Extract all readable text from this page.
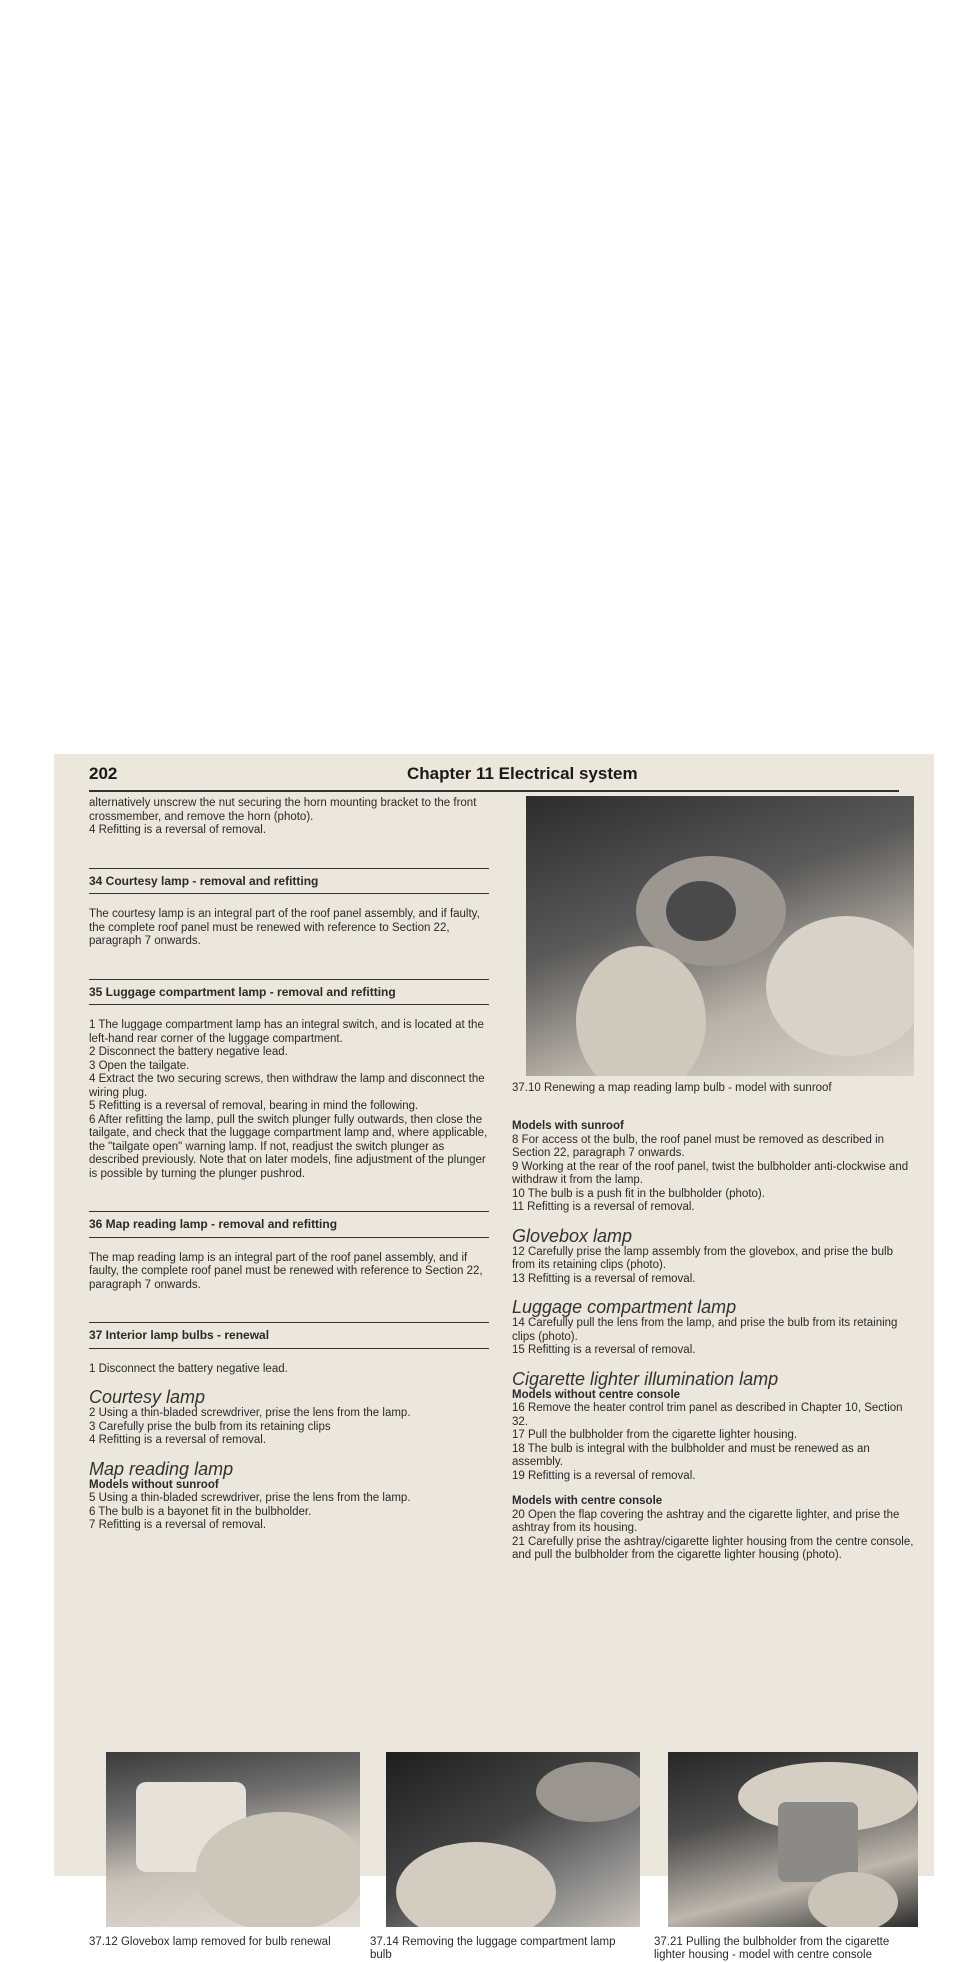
202	Chapter 11 Electrical system

alternatively unscrew the nut securing the horn mounting bracket to the front crossmember, and remove the horn (photo).

4 Refitting is a reversal of removal.

34 Courtesy lamp - removal and refitting

The courtesy lamp is an integral part of the roof panel assembly, and if faulty, the complete roof panel must be renewed with reference to Section 22, paragraph 7 onwards.

35 Luggage compartment lamp - removal and refitting

1 The luggage compartment lamp has an integral switch, and is located at the left-hand rear corner of the luggage compartment.

2 Disconnect the battery negative lead.

3 Open the tailgate.

4 Extract the two securing screws, then withdraw the lamp and disconnect the wiring plug.

5 Refitting is a reversal of removal, bearing in mind the following.

6 After refitting the lamp, pull the switch plunger fully outwards, then close the tailgate, and check that the luggage compartment lamp and, where applicable, the "tailgate open" warning lamp. If not, readjust the switch plunger as described previously. Note that on later models, fine adjustment of the plunger is possible by turning the plunger pushrod.

36 Map reading lamp - removal and refitting

The map reading lamp is an integral part of the roof panel assembly, and if faulty, the complete roof panel must be renewed with reference to Section 22, paragraph 7 onwards.

37 Interior lamp bulbs - renewal

1 Disconnect the battery negative lead.

Courtesy lamp

2 Using a thin-bladed screwdriver, prise the lens from the lamp.

3 Carefully prise the bulb from its retaining clips

4 Refitting is a reversal of removal.

Map reading lamp

Models without sunroof

5 Using a thin-bladed screwdriver, prise the lens from the lamp.

6 The bulb is a bayonet fit in the bulbholder.

7 Refitting is a reversal of removal.

37.10 Renewing a map reading lamp bulb - model with sunroof

Models with sunroof

8 For access ot the bulb, the roof panel must be removed as described in Section 22, paragraph 7 onwards.

9 Working at the rear of the roof panel, twist the bulbholder anti-clockwise and withdraw it from the lamp.

10 The bulb is a push fit in the bulbholder (photo).

11 Refitting is a reversal of removal.

Glovebox lamp

12 Carefully prise the lamp assembly from the glovebox, and prise the bulb from its retaining clips (photo).

13 Refitting is a reversal of removal.

Luggage compartment lamp

14 Carefully pull the lens from the lamp, and prise the bulb from its retaining clips (photo).

15 Refitting is a reversal of removal.

Cigarette lighter illumination lamp

Models without centre console

16 Remove the heater control trim panel as described in Chapter 10, Section 32.

17 Pull the bulbholder from the cigarette lighter housing.

18 The bulb is integral with the bulbholder and must be renewed as an assembly.

19 Refitting is a reversal of removal.

Models with centre console

20 Open the flap covering the ashtray and the cigarette lighter, and prise the ashtray from its housing.

21 Carefully prise the ashtray/cigarette lighter housing from the centre console, and pull the bulbholder from the cigarette lighter housing (photo).

37.12 Glovebox lamp removed for bulb renewal	37.14 Removing the luggage compartment lamp bulb
37.21 Pulling the bulbholder from the cigarette lighter housing - model with centre console
